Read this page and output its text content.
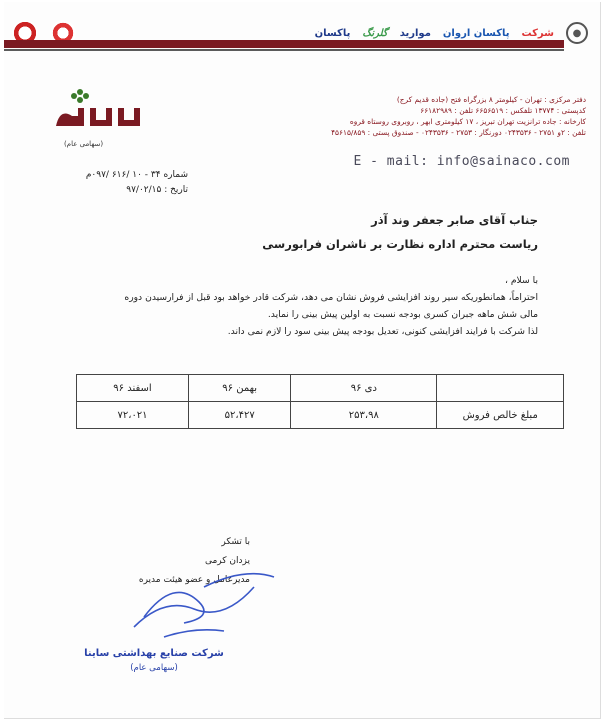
●
شرکت
پاکسان اروان
موارید
گلرنگ
پاکسان
(سهامی عام)
دفتر مرکزی : تهران - کیلومتر ۸ بزرگراه فتح (جاده قدیم کرج)
کدپستی : ۱۳۷۷۴ تلفکس : ۶۶۵۶۵۱۹ تلفن : ۶۶۱۸۲۹۸۹
کارخانه : جاده ترانزیت تهران تبریز ، ۱۷ کیلومتری ابهر ، روبروی روستاه قروه
تلفن : ۲و ۲۷۵۱ - ۰۲۴۳۵۳۶ دورنگار : ۲۷۵۳ - ۰۲۴۳۵۳۶ - صندوق پستی : ۴۵۶۱۵/۸۵۹
E - mail: info@sainaco.com
شماره ۳۴ - ۱۰ /۶۱۶ /۰۹۷م
تاریخ : ۹۷/۰۲/۱۵
جناب آقای صابر جعفر وند آذر
ریاست محترم اداره نظارت بر ناشران فرابورسی

با سلام ،

احتراماً، همانطوریکه سیر روند افزایشی فروش نشان می دهد، شرکت قادر خواهد بود قبل از فرارسیدن دوره

مالی شش ماهه جبران کسری بودجه نسبت به اولین پیش بینی را نماید.

لذا شرکت با فرایند افزایشی کنونی، تعدیل بودجه پیش بینی سود را لازم نمی داند.

	دی ۹۶	بهمن ۹۶	اسفند ۹۶
مبلغ خالص فروش	۲۵۳،۹۸	۵۲،۴۲۷	۷۲،۰۲۱
با تشکر
یزدان کرمی
مدیرعامل و عضو هیئت مدیره
شرکت صنایع بهداشتی ساینا
(سهامی عام)
